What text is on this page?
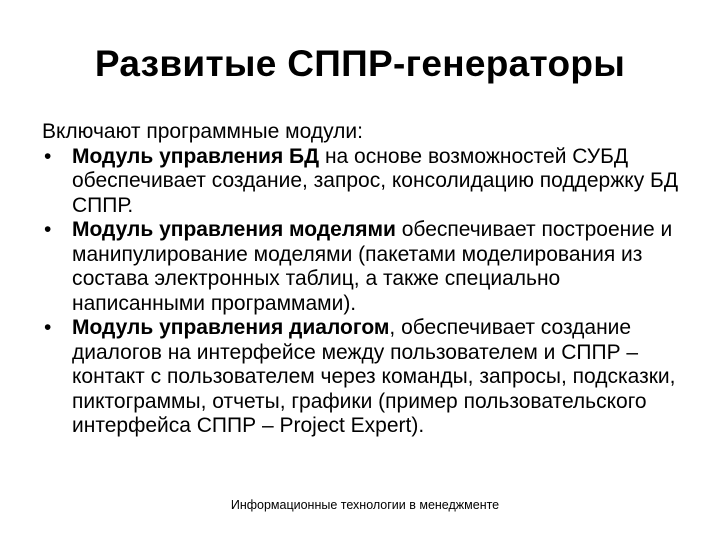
Развитые СППР-генераторы

Включают программные модули:

• Модуль управления БД на основе возможностей СУБД обеспечивает создание, запрос, консолидацию поддержку БД СППР.
• Модуль управления моделями обеспечивает построение и манипулирование моделями (пакетами моделирования из состава электронных таблиц, а также специально написанными программами).
• Модуль управления диалогом, обеспечивает создание диалогов на интерфейсе между пользователем и СППР – контакт с пользователем через команды, запросы, подсказки, пиктограммы, отчеты, графики (пример пользовательского интерфейса СППР – Project Expert).
Информационные технологии в менеджменте
